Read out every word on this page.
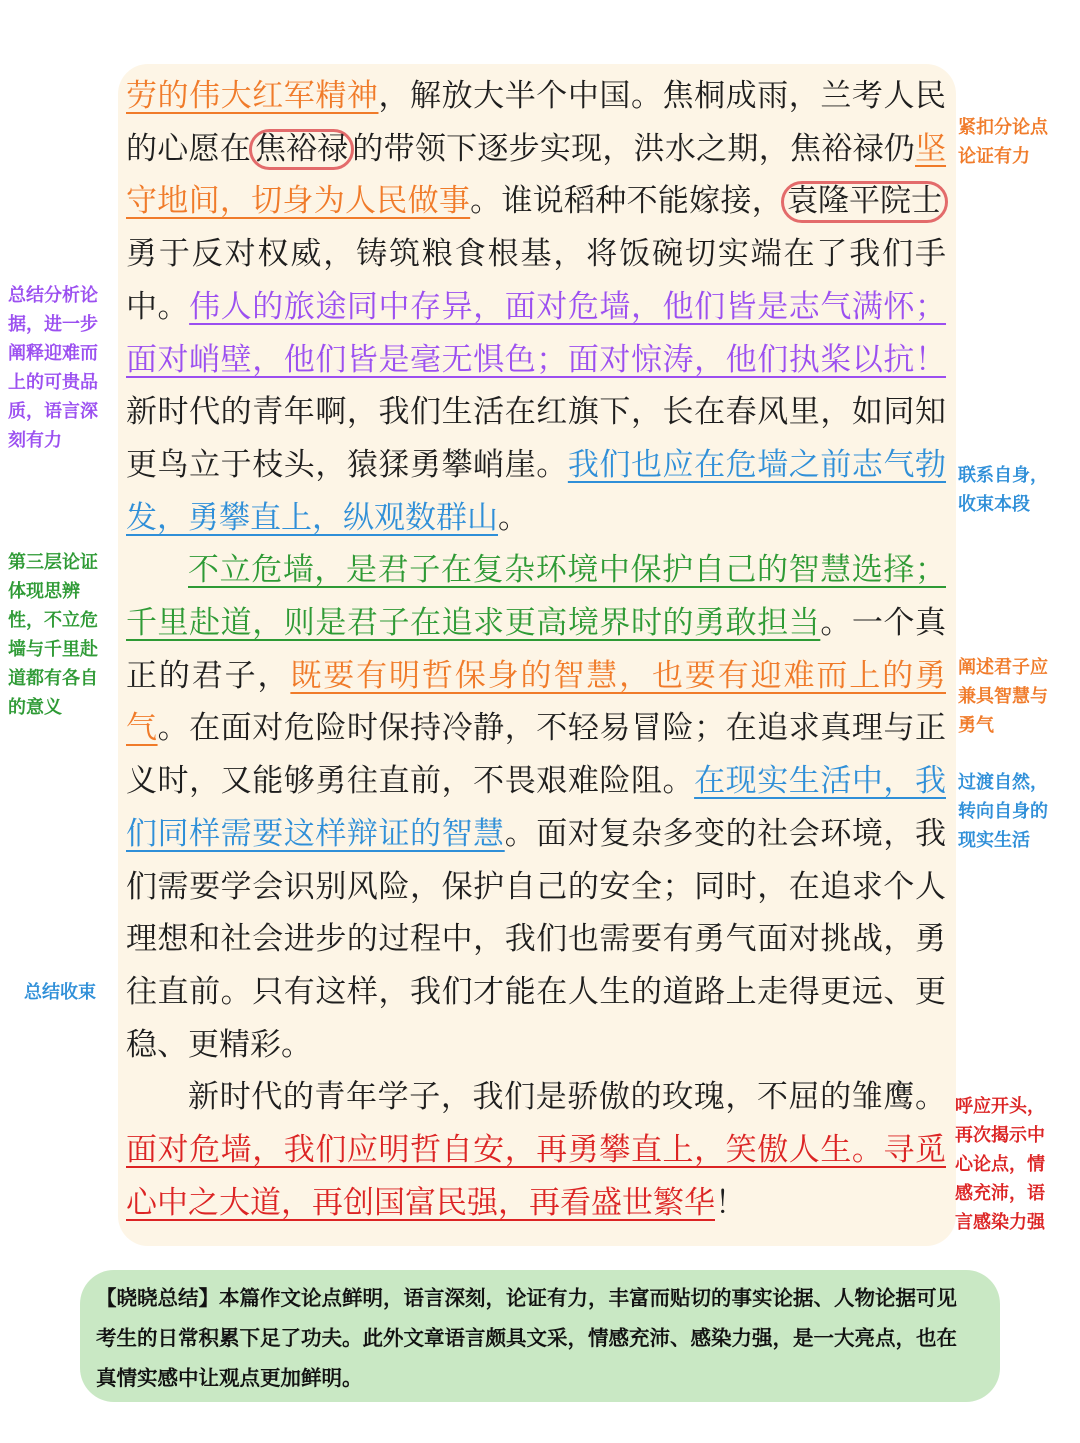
劳的伟大红军精神，解放大半个中国。焦桐成雨，兰考人民的心愿在 焦裕禄 的带领下逐步实现，洪水之期，焦裕禄仍坚守地间，切身为人民做事。谁说稻种不能嫁接， 袁隆平院士勇于反对权威，铸筑粮食根基，将饭碗切实端在了我们手中。伟人的旅途同中存异，面对危墙，他们皆是志气满怀；面对峭壁，他们皆是毫无惧色；面对惊涛，他们执桨以抗！新时代的青年啊，我们生活在红旗下，长在春风里，如同知更鸟立于枝头，猿猱勇攀峭崖。我们也应在危墙之前志气勃发，勇攀直上，纵观数群山。

不立危墙，是君子在复杂环境中保护自己的智慧选择；千里赴道，则是君子在追求更高境界时的勇敢担当。一个真正的君子，既要有明哲保身的智慧，也要有迎难而上的勇气。在面对危险时保持冷静，不轻易冒险；在追求真理与正义时，又能够勇往直前，不畏艰难险阻。在现实生活中，我们同样需要这样辩证的智慧。面对复杂多变的社会环境，我们需要学会识别风险，保护自己的安全；同时，在追求个人理想和社会进步的过程中，我们也需要有勇气面对挑战，勇往直前。只有这样，我们才能在人生的道路上走得更远、更稳、更精彩。

新时代的青年学子，我们是骄傲的玫瑰，不屈的雏鹰。面对危墙，我们应明哲自安，再勇攀直上，笑傲人生。寻觅心中之大道，再创国富民强，再看盛世繁华！

紧扣分论点
论证有力

总结分析论
据，进一步
阐释迎难而
上的可贵品
质，语言深
刻有力

联系自身，
收束本段

第三层论证
体现思辨
性，不立危
墙与千里赴
道都有各自
的意义

阐述君子应
兼具智慧与
勇气

过渡自然，
转向自身的
现实生活

总结收束

呼应开头，
再次揭示中
心论点，情
感充沛，语
言感染力强

【晓晓总结】本篇作文论点鲜明，语言深刻，论证有力，丰富而贴切的事实论据、人物论据可见考生的日常积累下足了功夫。此外文章语言颇具文采，情感充沛、感染力强，是一大亮点，也在真情实感中让观点更加鲜明。
